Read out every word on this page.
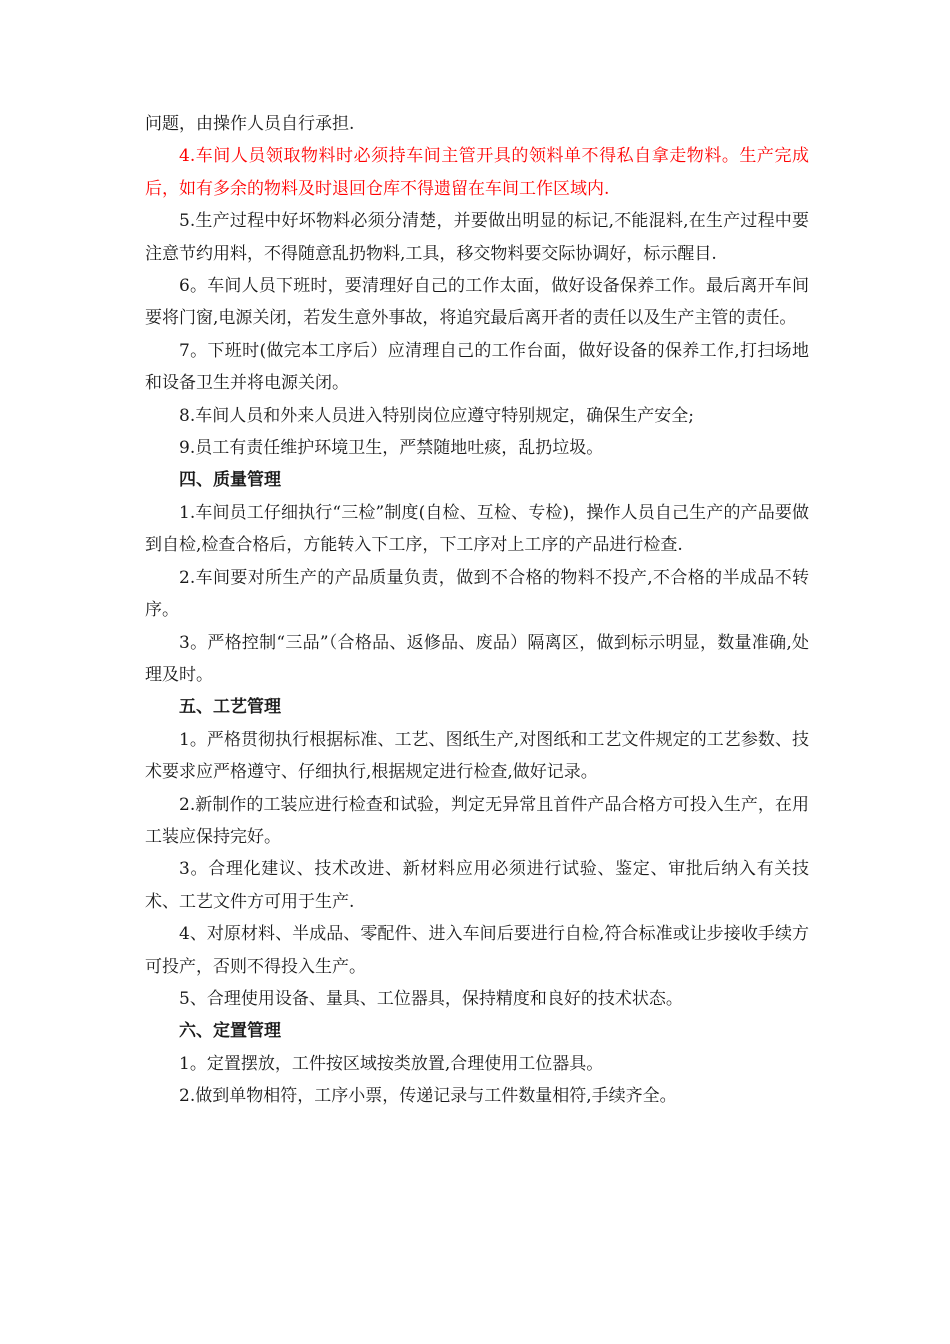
问题，由操作人员自行承担.

4.车间人员领取物料时必须持车间主管开具的领料单不得私自拿走物料。生产完成后，如有多余的物料及时退回仓库不得遗留在车间工作区域内.

5.生产过程中好坏物料必须分清楚，并要做出明显的标记,不能混料,在生产过程中要注意节约用料，不得随意乱扔物料,工具，移交物料要交际协调好，标示醒目.

6。车间人员下班时，要清理好自己的工作太面，做好设备保养工作。最后离开车间要将门窗,电源关闭，若发生意外事故，将追究最后离开者的责任以及生产主管的责任。

7。下班时(做完本工序后）应清理自己的工作台面，做好设备的保养工作,打扫场地和设备卫生并将电源关闭。

8.车间人员和外来人员进入特别岗位应遵守特别规定，确保生产安全;

9.员工有责任维护环境卫生，严禁随地吐痰，乱扔垃圾。

四、质量管理

1.车间员工仔细执行“三检”制度(自检、互检、专检)，操作人员自己生产的产品要做到自检,检查合格后，方能转入下工序，下工序对上工序的产品进行检查.

2.车间要对所生产的产品质量负责，做到不合格的物料不投产,不合格的半成品不转序。

3。严格控制“三品”（合格品、返修品、废品）隔离区，做到标示明显，数量准确,处理及时。

五、工艺管理

1。严格贯彻执行根据标准、工艺、图纸生产,对图纸和工艺文件规定的工艺参数、技术要求应严格遵守、仔细执行,根据规定进行检查,做好记录。

2.新制作的工装应进行检查和试验，判定无异常且首件产品合格方可投入生产，在用工装应保持完好。

3。合理化建议、技术改进、新材料应用必须进行试验、鉴定、审批后纳入有关技术、工艺文件方可用于生产.

4、对原材料、半成品、零配件、进入车间后要进行自检,符合标准或让步接收手续方可投产，否则不得投入生产。

5、合理使用设备、量具、工位器具，保持精度和良好的技术状态。

六、定置管理

1。定置摆放，工件按区域按类放置,合理使用工位器具。

2.做到单物相符，工序小票，传递记录与工件数量相符,手续齐全。
